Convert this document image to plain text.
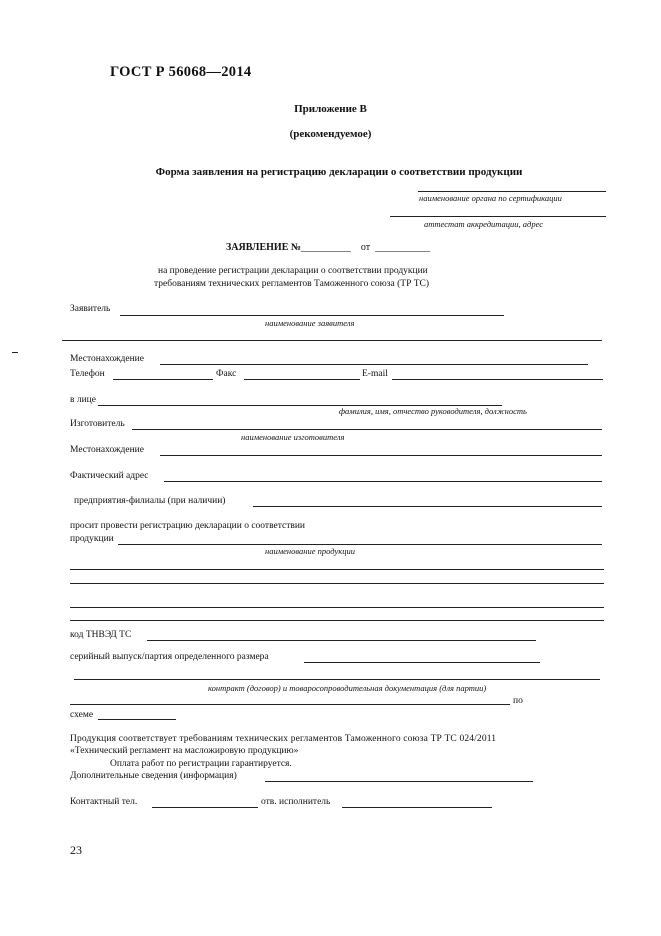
ГОСТ Р 56068—2014
Приложение В
(рекомендуемое)
Форма заявления на регистрацию декларации о соответствии продукции
наименование органа по сертификации
аттестат аккредитации, адрес
ЗАЯВЛЕНИЕ №__________ от ___________
на проведение регистрации декларации о соответствии продукции
требованиям технических регламентов Таможенного союза (ТР ТС)
Заявитель
наименование заявителя
Местонахождение
Телефон	Факс	E-mail
в лице
фамилия, имя, отчество руководителя, должность
Изготовитель
наименование изготовителя
Местонахождение
Фактический адрес
предприятия-филиалы (при наличии)
просит провести регистрацию декларации о соответствии
продукции
наименование продукции
код ТНВЭД ТС
серийный выпуск/партия определенного размера
контракт (договор) и товаросопроводительная документация (для партии)
по
схеме
Продукция соответствует требованиям технических регламентов Таможенного союза ТР ТС 024/2011
«Технический регламент на масложировую продукцию»
Оплата работ по регистрации гарантируется.
Дополнительные сведения (информация)
Контактный тел.	отв. исполнитель
23
